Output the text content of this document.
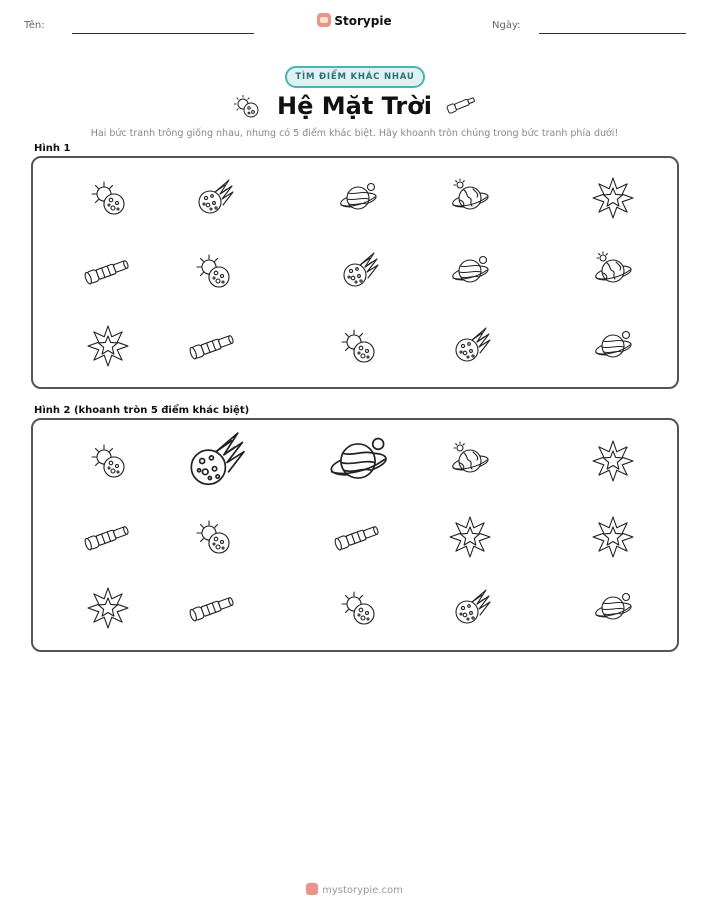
Tên:	Storypie	Ngày:
TÌM ĐIỂM KHÁC NHAU
Hệ Mặt Trời
Hai bức tranh trông giống nhau, nhưng có 5 điểm khác biệt. Hãy khoanh tròn chúng trong bức tranh phía dưới!
Hình 1
Hình 2 (khoanh tròn 5 điểm khác biệt)
mystorypie.com
